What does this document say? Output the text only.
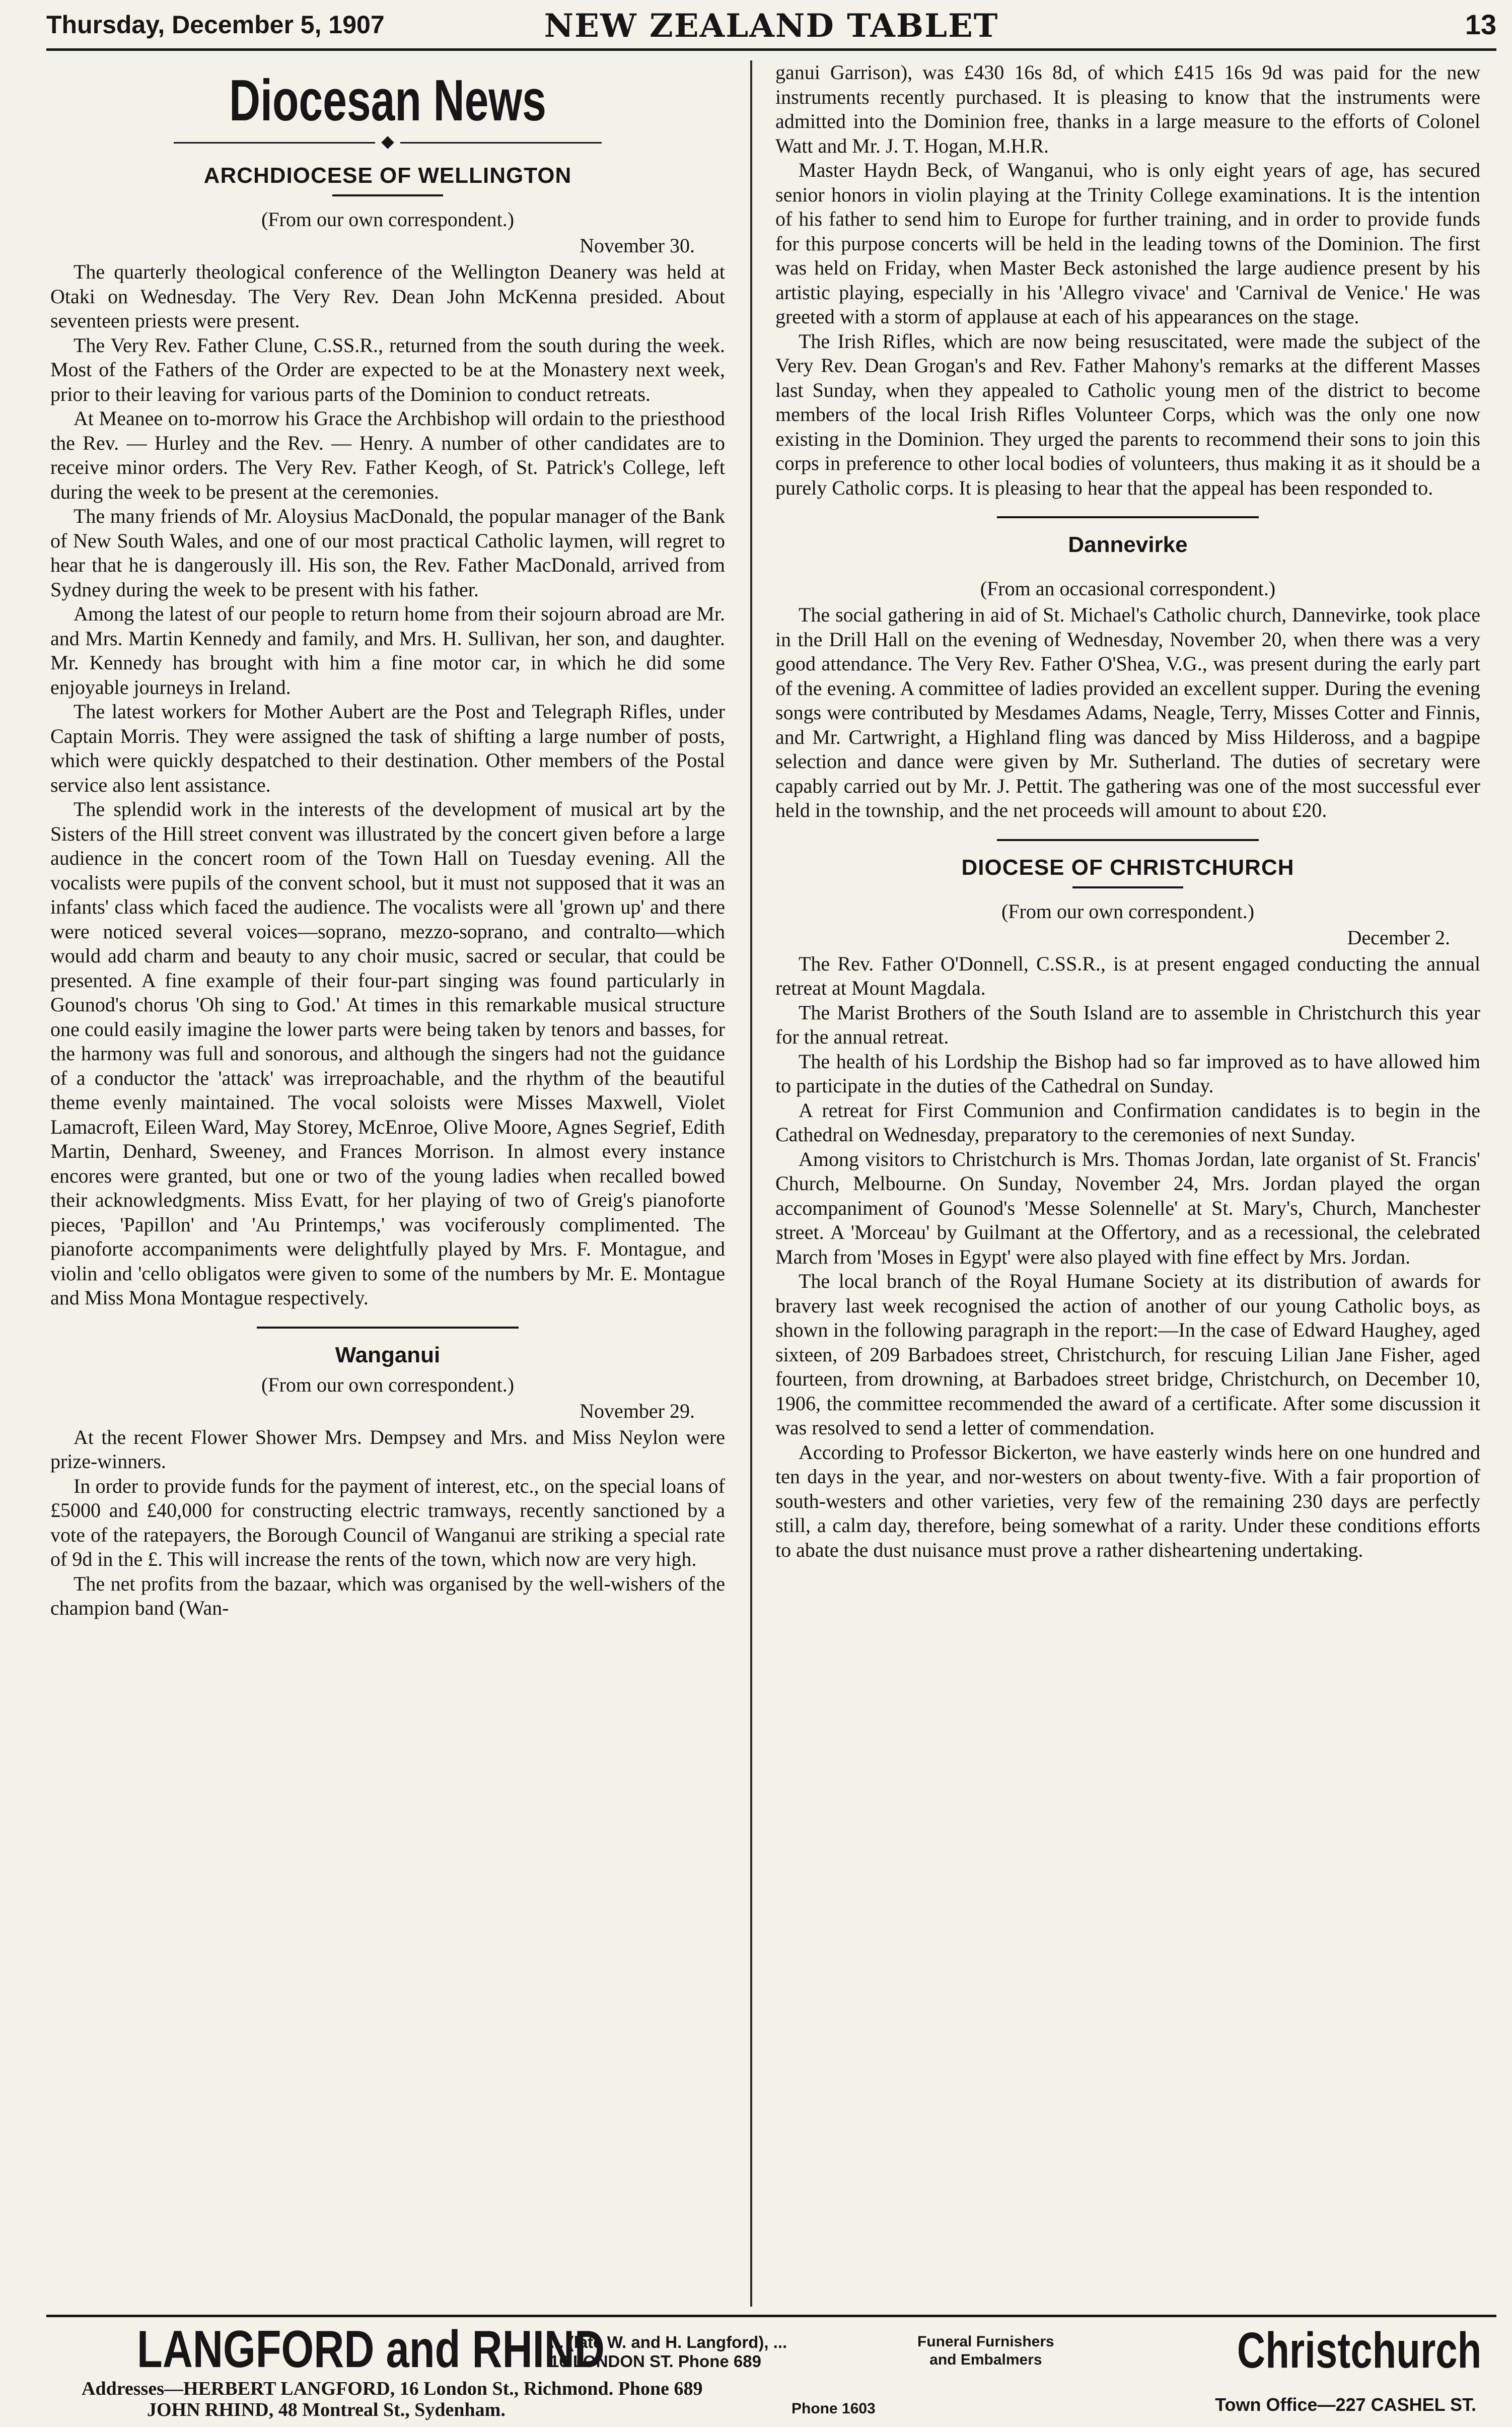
Thursday, December 5, 1907	NEW ZEALAND TABLET	13
Diocesan News
ARCHDIOCESE OF WELLINGTON

(From our own correspondent.)

November 30.

The quarterly theological conference of the Wellington Deanery was held at Otaki on Wednesday. The Very Rev. Dean John McKenna presided. About seventeen priests were present.

The Very Rev. Father Clune, C.SS.R., returned from the south during the week. Most of the Fathers of the Order are expected to be at the Monastery next week, prior to their leaving for various parts of the Dominion to conduct retreats.

At Meanee on to-morrow his Grace the Archbishop will ordain to the priesthood the Rev. — Hurley and the Rev. — Henry. A number of other candidates are to receive minor orders. The Very Rev. Father Keogh, of St. Patrick's College, left during the week to be present at the ceremonies.

The many friends of Mr. Aloysius MacDonald, the popular manager of the Bank of New South Wales, and one of our most practical Catholic laymen, will regret to hear that he is dangerously ill. His son, the Rev. Father MacDonald, arrived from Sydney during the week to be present with his father.

Among the latest of our people to return home from their sojourn abroad are Mr. and Mrs. Martin Kennedy and family, and Mrs. H. Sullivan, her son, and daughter. Mr. Kennedy has brought with him a fine motor car, in which he did some enjoyable journeys in Ireland.

The latest workers for Mother Aubert are the Post and Telegraph Rifles, under Captain Morris. They were assigned the task of shifting a large number of posts, which were quickly despatched to their destination. Other members of the Postal service also lent assistance.

The splendid work in the interests of the development of musical art by the Sisters of the Hill street convent was illustrated by the concert given before a large audience in the concert room of the Town Hall on Tuesday evening. All the vocalists were pupils of the convent school, but it must not supposed that it was an infants' class which faced the audience. The vocalists were all 'grown up' and there were noticed several voices—soprano, mezzo-soprano, and contralto—which would add charm and beauty to any choir music, sacred or secular, that could be presented. A fine example of their four-part singing was found particularly in Gounod's chorus 'Oh sing to God.' At times in this remarkable musical structure one could easily imagine the lower parts were being taken by tenors and basses, for the harmony was full and sonorous, and although the singers had not the guidance of a conductor the 'attack' was irreproachable, and the rhythm of the beautiful theme evenly maintained. The vocal soloists were Misses Maxwell, Violet Lamacroft, Eileen Ward, May Storey, McEnroe, Olive Moore, Agnes Segrief, Edith Martin, Denhard, Sweeney, and Frances Morrison. In almost every instance encores were granted, but one or two of the young ladies when recalled bowed their acknowledgments. Miss Evatt, for her playing of two of Greig's pianoforte pieces, 'Papillon' and 'Au Printemps,' was vociferously complimented. The pianoforte accompaniments were delightfully played by Mrs. F. Montague, and violin and 'cello obligatos were given to some of the numbers by Mr. E. Montague and Miss Mona Montague respectively.

Wanganui

(From our own correspondent.)

November 29.

At the recent Flower Shower Mrs. Dempsey and Mrs. and Miss Neylon were prize-winners.

In order to provide funds for the payment of interest, etc., on the special loans of £5000 and £40,000 for constructing electric tramways, recently sanctioned by a vote of the ratepayers, the Borough Council of Wanganui are striking a special rate of 9d in the £. This will increase the rents of the town, which now are very high.

The net profits from the bazaar, which was organised by the well-wishers of the champion band (Wan-

ganui Garrison), was £430 16s 8d, of which £415 16s 9d was paid for the new instruments recently purchased. It is pleasing to know that the instruments were admitted into the Dominion free, thanks in a large measure to the efforts of Colonel Watt and Mr. J. T. Hogan, M.H.R.

Master Haydn Beck, of Wanganui, who is only eight years of age, has secured senior honors in violin playing at the Trinity College examinations. It is the intention of his father to send him to Europe for further training, and in order to provide funds for this purpose concerts will be held in the leading towns of the Dominion. The first was held on Friday, when Master Beck astonished the large audience present by his artistic playing, especially in his 'Allegro vivace' and 'Carnival de Venice.' He was greeted with a storm of applause at each of his appearances on the stage.

The Irish Rifles, which are now being resuscitated, were made the subject of the Very Rev. Dean Grogan's and Rev. Father Mahony's remarks at the different Masses last Sunday, when they appealed to Catholic young men of the district to become members of the local Irish Rifles Volunteer Corps, which was the only one now existing in the Dominion. They urged the parents to recommend their sons to join this corps in preference to other local bodies of volunteers, thus making it as it should be a purely Catholic corps. It is pleasing to hear that the appeal has been responded to.

Dannevirke

(From an occasional correspondent.)

The social gathering in aid of St. Michael's Catholic church, Dannevirke, took place in the Drill Hall on the evening of Wednesday, November 20, when there was a very good attendance. The Very Rev. Father O'Shea, V.G., was present during the early part of the evening. A committee of ladies provided an excellent supper. During the evening songs were contributed by Mesdames Adams, Neagle, Terry, Misses Cotter and Finnis, and Mr. Cartwright, a Highland fling was danced by Miss Hildeross, and a bagpipe selection and dance were given by Mr. Sutherland. The duties of secretary were capably carried out by Mr. J. Pettit. The gathering was one of the most successful ever held in the township, and the net proceeds will amount to about £20.

DIOCESE OF CHRISTCHURCH

(From our own correspondent.)

December 2.

The Rev. Father O'Donnell, C.SS.R., is at present engaged conducting the annual retreat at Mount Magdala.

The Marist Brothers of the South Island are to assemble in Christchurch this year for the annual retreat.

The health of his Lordship the Bishop had so far improved as to have allowed him to participate in the duties of the Cathedral on Sunday.

A retreat for First Communion and Confirmation candidates is to begin in the Cathedral on Wednesday, preparatory to the ceremonies of next Sunday.

Among visitors to Christchurch is Mrs. Thomas Jordan, late organist of St. Francis' Church, Melbourne. On Sunday, November 24, Mrs. Jordan played the organ accompaniment of Gounod's 'Messe Solennelle' at St. Mary's, Church, Manchester street. A 'Morceau' by Guilmant at the Offertory, and as a recessional, the celebrated March from 'Moses in Egypt' were also played with fine effect by Mrs. Jordan.

The local branch of the Royal Humane Society at its distribution of awards for bravery last week recognised the action of another of our young Catholic boys, as shown in the following paragraph in the report:—In the case of Edward Haughey, aged sixteen, of 209 Barbadoes street, Christchurch, for rescuing Lilian Jane Fisher, aged fourteen, from drowning, at Barbadoes street bridge, Christchurch, on December 10, 1906, the committee recommended the award of a certificate. After some discussion it was resolved to send a letter of commendation.

According to Professor Bickerton, we have easterly winds here on one hundred and ten days in the year, and nor-westers on about twenty-five. With a fair proportion of south-westers and other varieties, very few of the remaining 230 days are perfectly still, a calm day, therefore, being somewhat of a rarity. Under these conditions efforts to abate the dust nuisance must prove a rather disheartening undertaking.

LANGFORD and RHIND
... (late W. and H. Langford), ...
16 LONDON ST. Phone 689
Funeral Furnishers
and Embalmers	Christchurch
Addresses—HERBERT LANGFORD, 16 London St., Richmond. Phone 689
JOHN RHIND, 48 Montreal St., Sydenham.	Phone 1603	Town Office—227 CASHEL ST.
